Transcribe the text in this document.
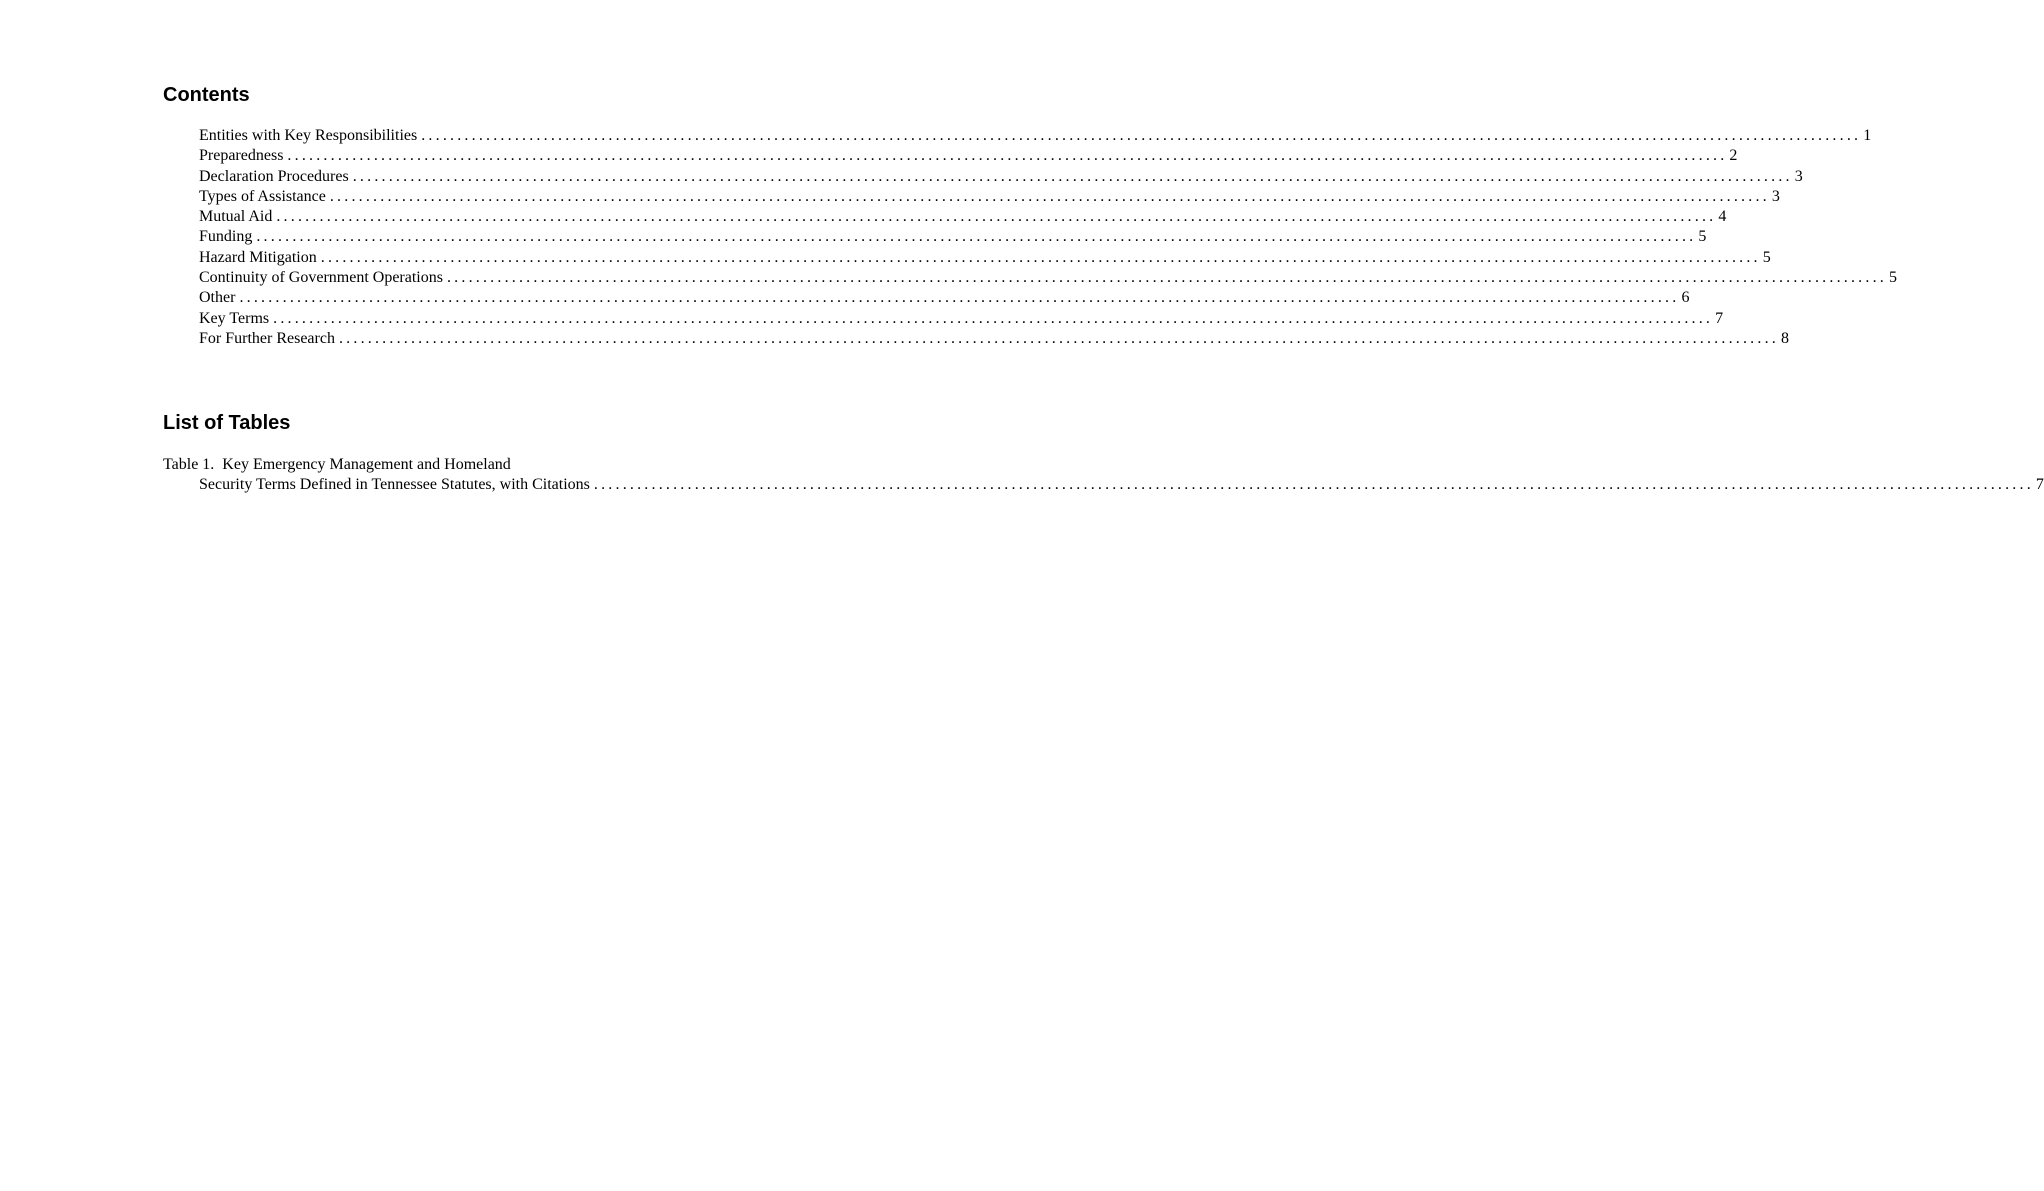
Contents
Entities with Key Responsibilities ........................................................................................................................................................................................................ 1
Preparedness ........................................................................................................................................................................................................ 2
Declaration Procedures ........................................................................................................................................................................................................ 3
Types of Assistance ........................................................................................................................................................................................................ 3
Mutual Aid ........................................................................................................................................................................................................ 4
Funding ........................................................................................................................................................................................................ 5
Hazard Mitigation ........................................................................................................................................................................................................ 5
Continuity of Government Operations ........................................................................................................................................................................................................ 5
Other ........................................................................................................................................................................................................ 6
Key Terms ........................................................................................................................................................................................................ 7
For Further Research ........................................................................................................................................................................................................ 8
List of Tables
Table 1.  Key Emergency Management and Homeland
Security Terms Defined in Tennessee Statutes, with Citations ........................................................................................................................................................................................................ 7
